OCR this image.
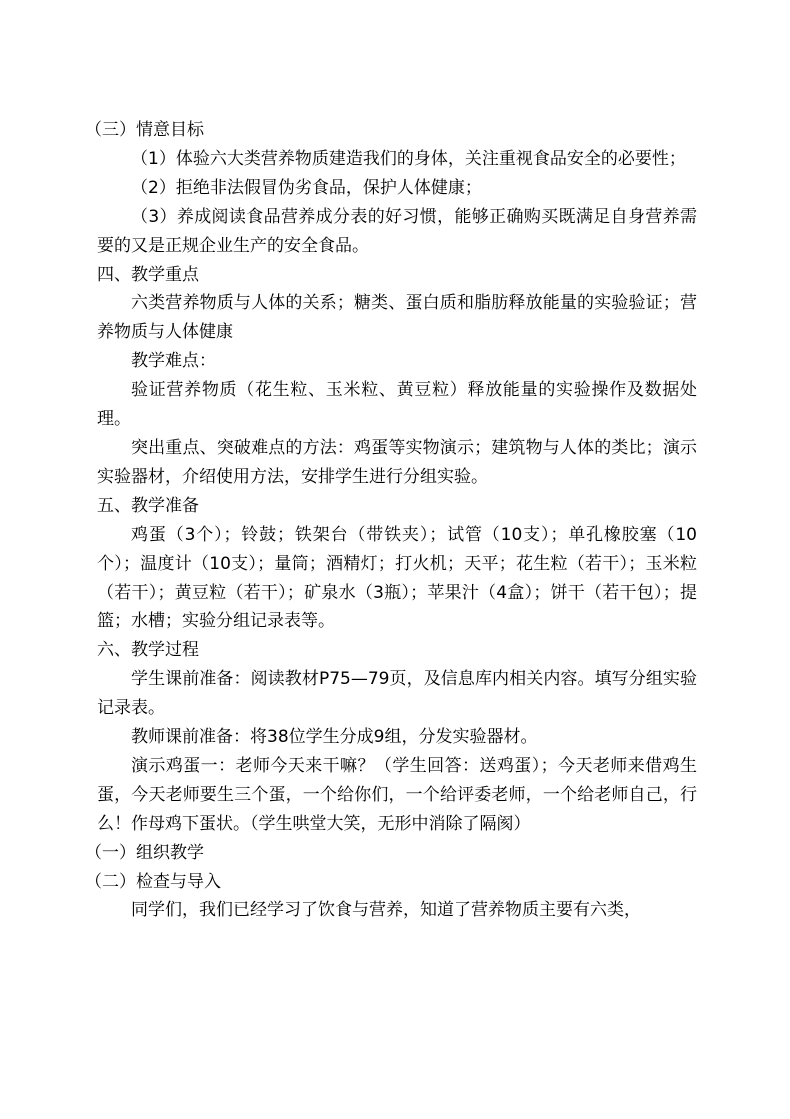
（三）情意目标

（1）体验六大类营养物质建造我们的身体，关注重视食品安全的必要性；

（2）拒绝非法假冒伪劣食品，保护人体健康；

（3）养成阅读食品营养成分表的好习惯，能够正确购买既满足自身营养需要的又是正规企业生产的安全食品。

四、教学重点

六类营养物质与人体的关系；糖类、蛋白质和脂肪释放能量的实验验证；营养物质与人体健康

教学难点：

验证营养物质（花生粒、玉米粒、黄豆粒）释放能量的实验操作及数据处理。

突出重点、突破难点的方法：鸡蛋等实物演示；建筑物与人体的类比；演示实验器材，介绍使用方法，安排学生进行分组实验。

五、教学准备

鸡蛋（3个）；铃鼓；铁架台（带铁夹）；试管（10支）；单孔橡胶塞（10个）；温度计（10支）；量筒；酒精灯；打火机；天平；花生粒（若干）；玉米粒（若干）；黄豆粒（若干）；矿泉水（3瓶）；苹果汁（4盒）；饼干（若干包）；提篮；水槽；实验分组记录表等。

六、教学过程

学生课前准备：阅读教材P75—79页，及信息库内相关内容。填写分组实验记录表。

教师课前准备：将38位学生分成9组，分发实验器材。

演示鸡蛋一：老师今天来干嘛？（学生回答：送鸡蛋）；今天老师来借鸡生蛋，今天老师要生三个蛋，一个给你们，一个给评委老师，一个给老师自己，行么！作母鸡下蛋状。（学生哄堂大笑，无形中消除了隔阂）

（一）组织教学

（二）检查与导入

同学们，我们已经学习了饮食与营养，知道了营养物质主要有六类，
